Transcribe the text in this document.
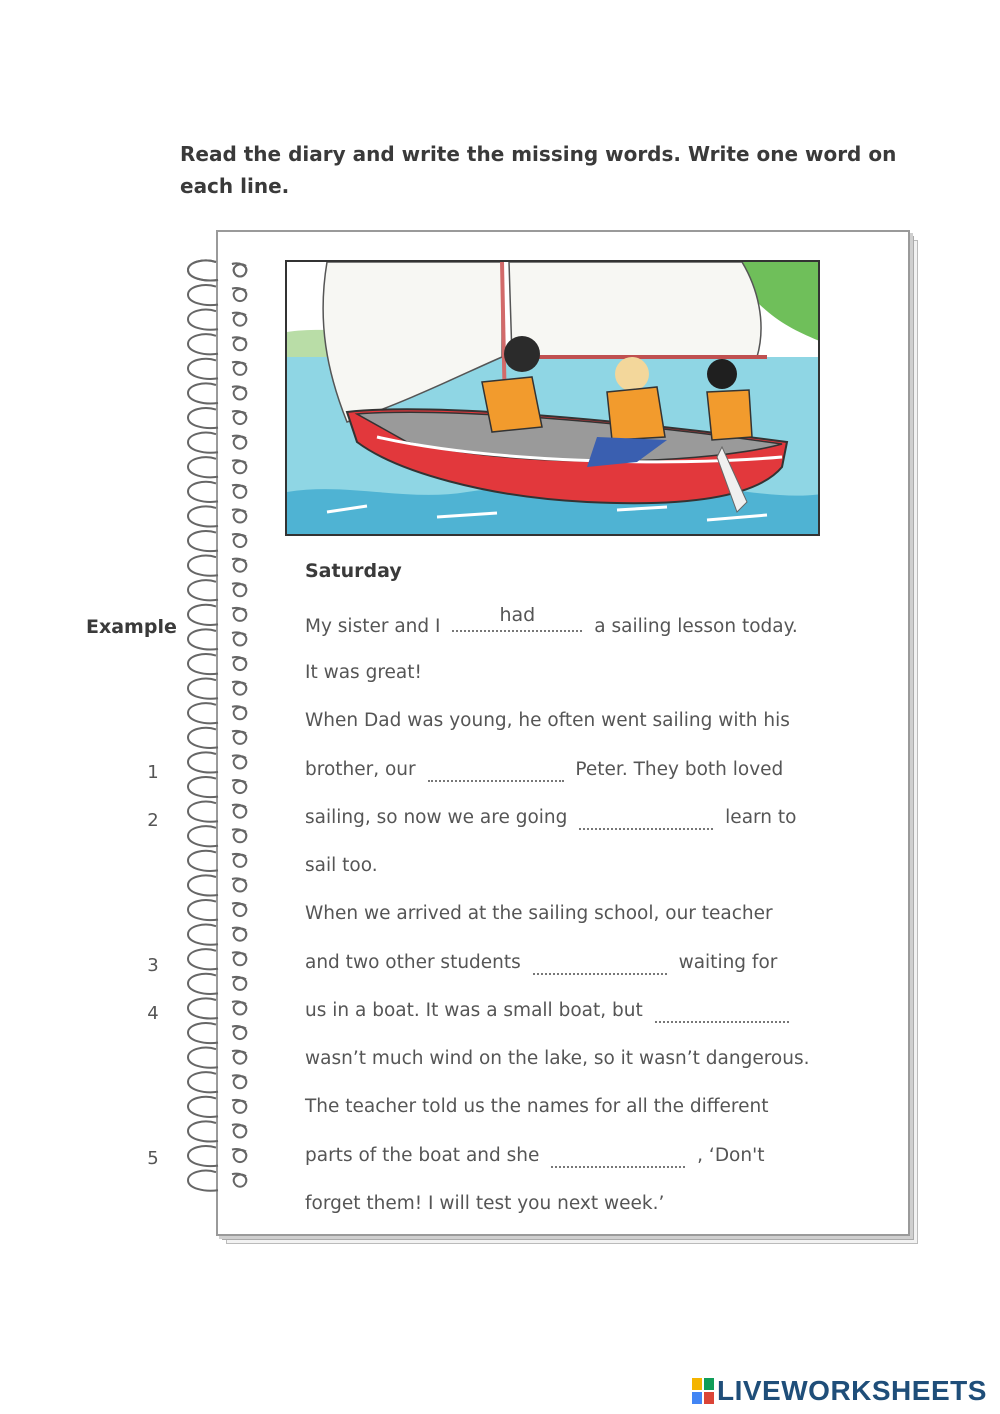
Read the diary and write the missing words. Write one word on each line.

Example
1
2
3
4
5
Saturday
My sister and I
had
a sailing lesson today.
It was great!
When Dad was young, he often went sailing with his
brother, our	Peter. They both loved
sailing, so now we are going	learn to
sail too.
When we arrived at the sailing school, our teacher
and two other students	waiting for
us in a boat. It was a small boat, but
wasn’t much wind on the lake, so it wasn’t dangerous.
The teacher told us the names for all the different
parts of the boat and she	, ‘Don't
forget them! I will test you next week.’
LIVEWORKSHEETS
